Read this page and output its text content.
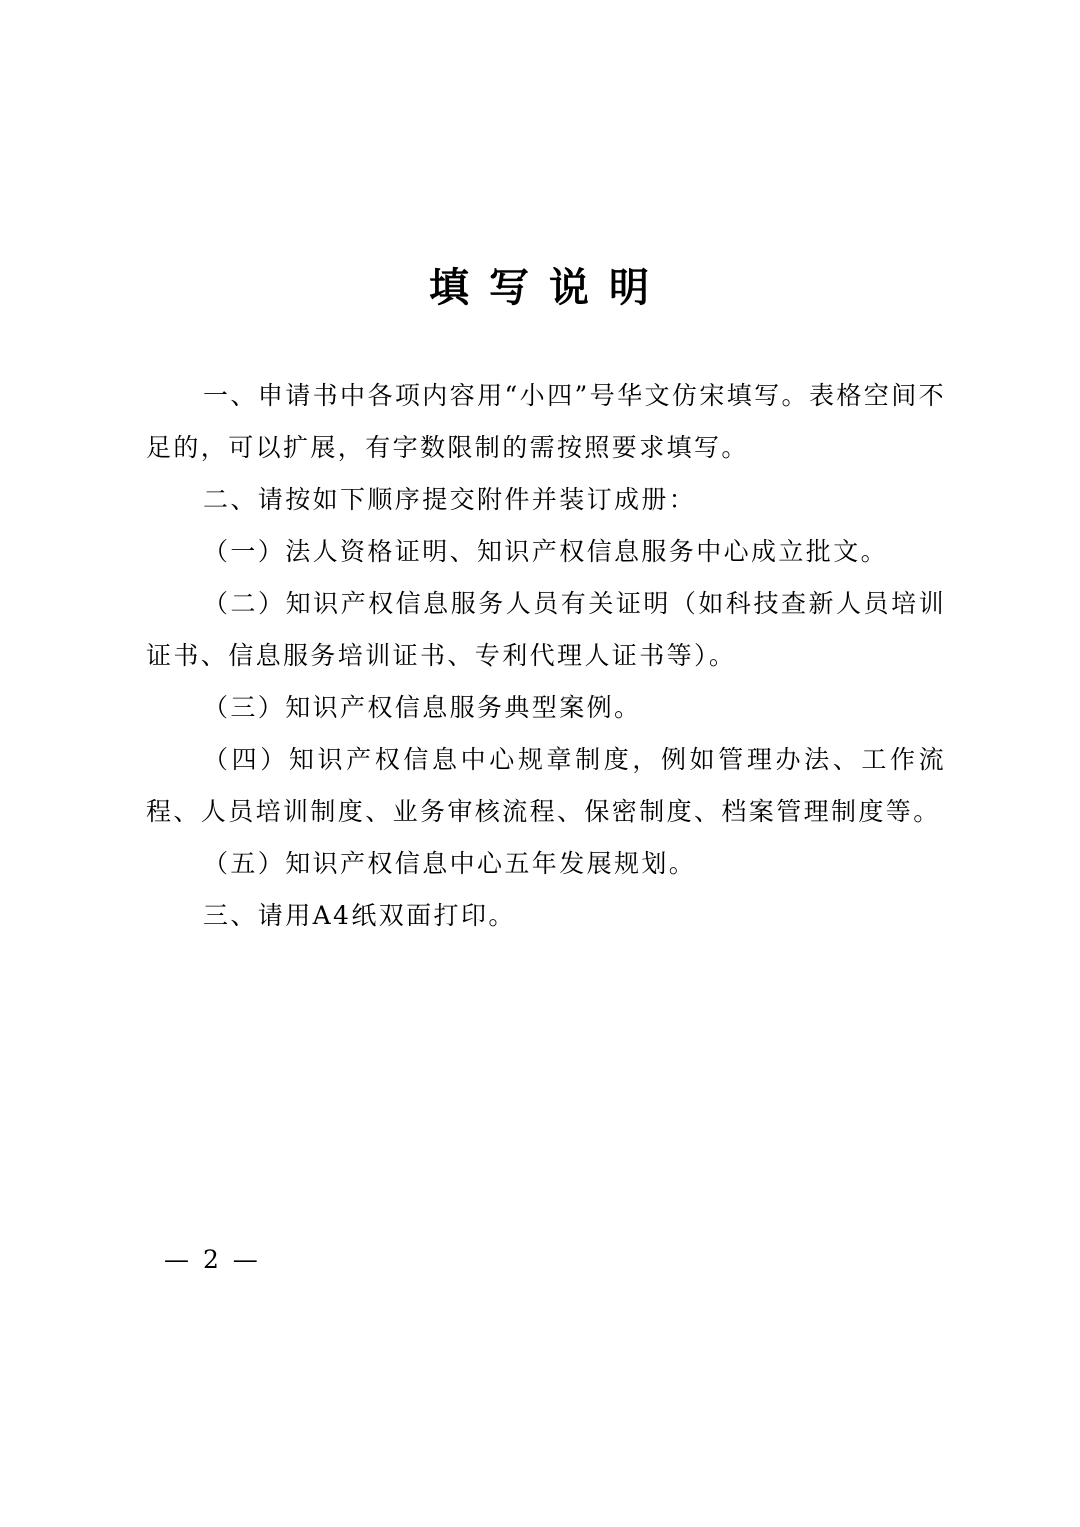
填写说明

一、申请书中各项内容用“小四”号华文仿宋填写。表格空间不足的，可以扩展，有字数限制的需按照要求填写。

二、请按如下顺序提交附件并装订成册：

（一）法人资格证明、知识产权信息服务中心成立批文。

（二）知识产权信息服务人员有关证明（如科技查新人员培训证书、信息服务培训证书、专利代理人证书等）。

（三）知识产权信息服务典型案例。

（四）知识产权信息中心规章制度，例如管理办法、工作流程、人员培训制度、业务审核流程、保密制度、档案管理制度等。

（五）知识产权信息中心五年发展规划。

三、请用A4纸双面打印。

— 2 —
